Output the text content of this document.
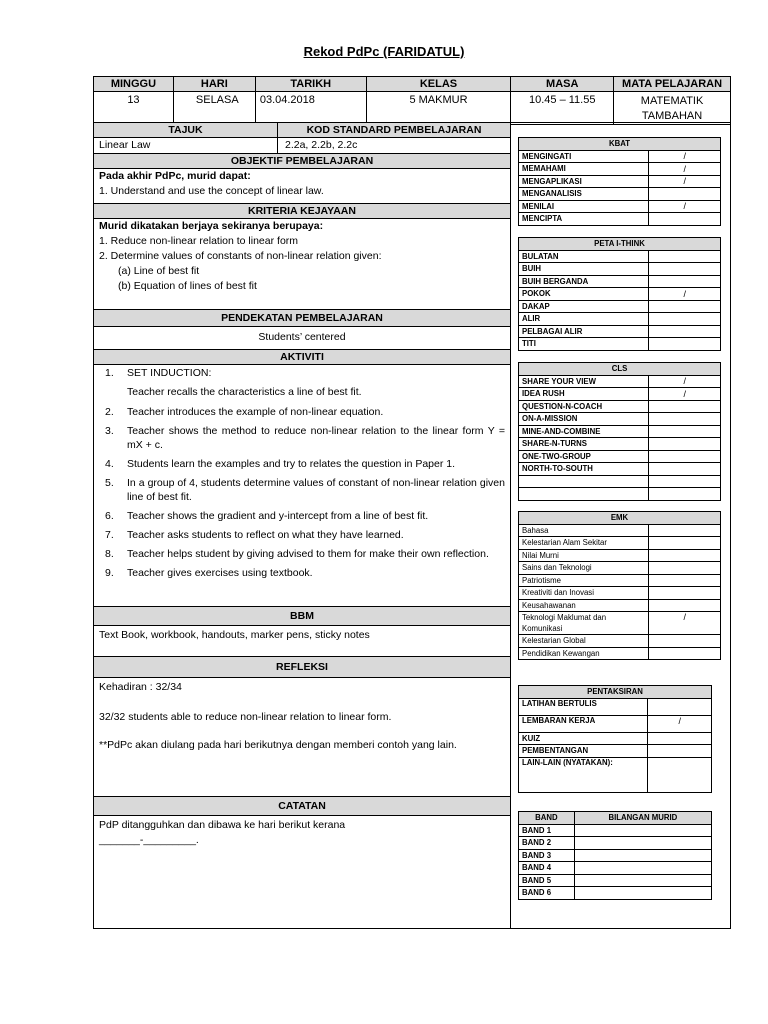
Rekod PdPc (FARIDATUL)
MINGGU	HARI	TARIKH	KELAS	MASA	MATA PELAJARAN
13	SELASA	03.04.2018	5 MAKMUR	10.45 – 11.55	MATEMATIK
TAMBAHAN
TAJUK	KOD STANDARD PEMBELAJARAN
Linear Law	2.2a, 2.2b, 2.2c
OBJEKTIF PEMBELAJARAN
Pada akhir PdPc, murid dapat:
1. Understand and use the concept of linear law.
KRITERIA KEJAYAAN
Murid dikatakan berjaya sekiranya berupaya:
1. Reduce non-linear relation to linear form
2. Determine values of constants of non-linear relation given:
(a) Line of best fit
(b) Equation of lines of best fit
PENDEKATAN PEMBELAJARAN
Students’ centered
AKTIVITI
1. SET INDUCTION:
Teacher recalls the characteristics a line of best fit.
2. Teacher introduces the example of non-linear equation.
3. Teacher shows the method to reduce non-linear relation to the linear form Y = mX + c.
4. Students learn the examples and try to relates the question in Paper 1.
5. In a group of 4, students determine values of constant of non-linear relation given line of best fit.
6. Teacher shows the gradient and y-intercept from a line of best fit.
7. Teacher asks students to reflect on what they have learned.
8. Teacher helps student by giving advised to them for make their own reflection.
9. Teacher gives exercises using textbook.
BBM
Text Book, workbook, handouts, marker pens, sticky notes
REFLEKSI
Kehadiran : 32/34
32/32 students able to reduce non-linear relation to linear form.
**PdPc akan diulang pada hari berikutnya dengan memberi contoh yang lain.
CATATAN
PdP ditangguhkan dan dibawa ke hari berikut kerana
_______-_________.
KBAT	
MENGINGATI	/
MEMAHAMI	/
MENGAPLIKASI	/
MENGANALISIS	
MENILAI	/
MENCIPTA	
PETA I-THINK	
BULATAN	
BUIH	
BUIH BERGANDA	
POKOK	/
DAKAP	
ALIR	
PELBAGAI ALIR	
TITI	
CLS	
SHARE YOUR VIEW	/
IDEA RUSH	/
QUESTION-N-COACH	
ON-A-MISSION	
MINE-AND-COMBINE	
SHARE-N-TURNS	
ONE-TWO-GROUP	
NORTH-TO-SOUTH	

EMK	
Bahasa	
Kelestarian Alam Sekitar	
Nilai Murni	
Sains dan Teknologi	
Patriotisme	
Kreativiti dan Inovasi	
Keusahawanan	
Teknologi Maklumat dan Komunikasi	/
Kelestarian Global	
Pendidikan Kewangan	
PENTAKSIRAN	
LATIHAN BERTULIS	
LEMBARAN KERJA	/
KUIZ	
PEMBENTANGAN	
LAIN-LAIN (NYATAKAN):	
BAND	BILANGAN MURID
BAND 1	
BAND 2	
BAND 3	
BAND 4	
BAND 5	
BAND 6	
